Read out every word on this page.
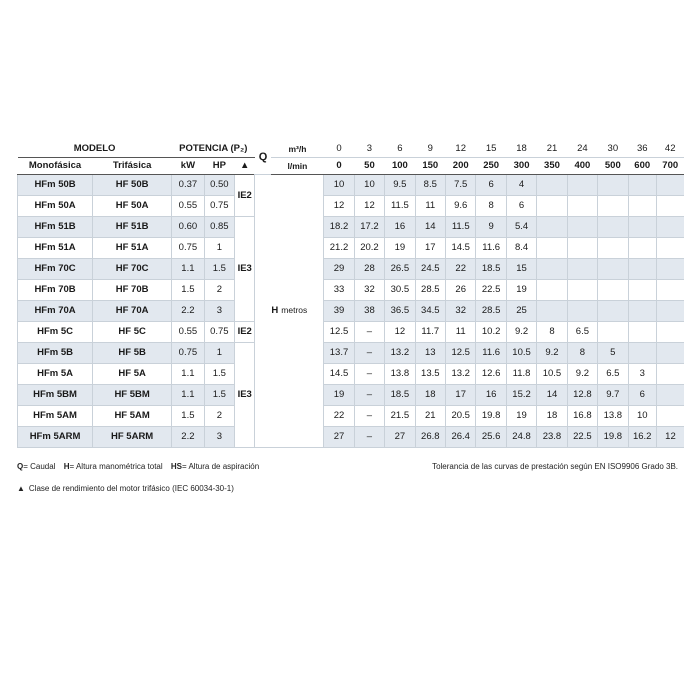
MODELO		POTENCIA (P₂)			Q	m³/h	0	3	6	9	12	15	18	21	24	30	36	42
Monofásica	Trifásica	kW	HP	▲		l/min	0	50	100	150	200	250	300	350	400	500	600	700
HFm 50B	HF 50B	0.37	0.50	IE2	H metros		10	10	9.5	8.5	7.5	6	4					
HFm 50A	HF 50A	0.55	0.75				12	12	11.5	11	9.6	8	6					
HFm 51B	HF 51B	0.60	0.85	IE3			18.2	17.2	16	14	11.5	9	5.4					
HFm 51A	HF 51A	0.75	1				21.2	20.2	19	17	14.5	11.6	8.4					
HFm 70C	HF 70C	1.1	1.5				29	28	26.5	24.5	22	18.5	15					
HFm 70B	HF 70B	1.5	2				33	32	30.5	28.5	26	22.5	19					
HFm 70A	HF 70A	2.2	3				39	38	36.5	34.5	32	28.5	25					
HFm 5C	HF 5C	0.55	0.75	IE2			12.5	–	12	11.7	11	10.2	9.2	8	6.5			
HFm 5B	HF 5B	0.75	1	IE3			13.7	–	13.2	13	12.5	11.6	10.5	9.2	8	5		
HFm 5A	HF 5A	1.1	1.5				14.5	–	13.8	13.5	13.2	12.6	11.8	10.5	9.2	6.5	3	
HFm 5BM	HF 5BM	1.1	1.5				19	–	18.5	18	17	16	15.2	14	12.8	9.7	6	
HFm 5AM	HF 5AM	1.5	2				22	–	21.5	21	20.5	19.8	19	18	16.8	13.8	10	
HFm 5ARM	HF 5ARM	2.2	3				27	–	27	26.8	26.4	25.6	24.8	23.8	22.5	19.8	16.2	12
Q= Caudal H= Altura manométrica total HS= Altura de aspiración	Tolerancia de las curvas de prestación según EN ISO9906 Grado 3B.
▲ Clase de rendimiento del motor trifásico (IEC 60034-30-1)
